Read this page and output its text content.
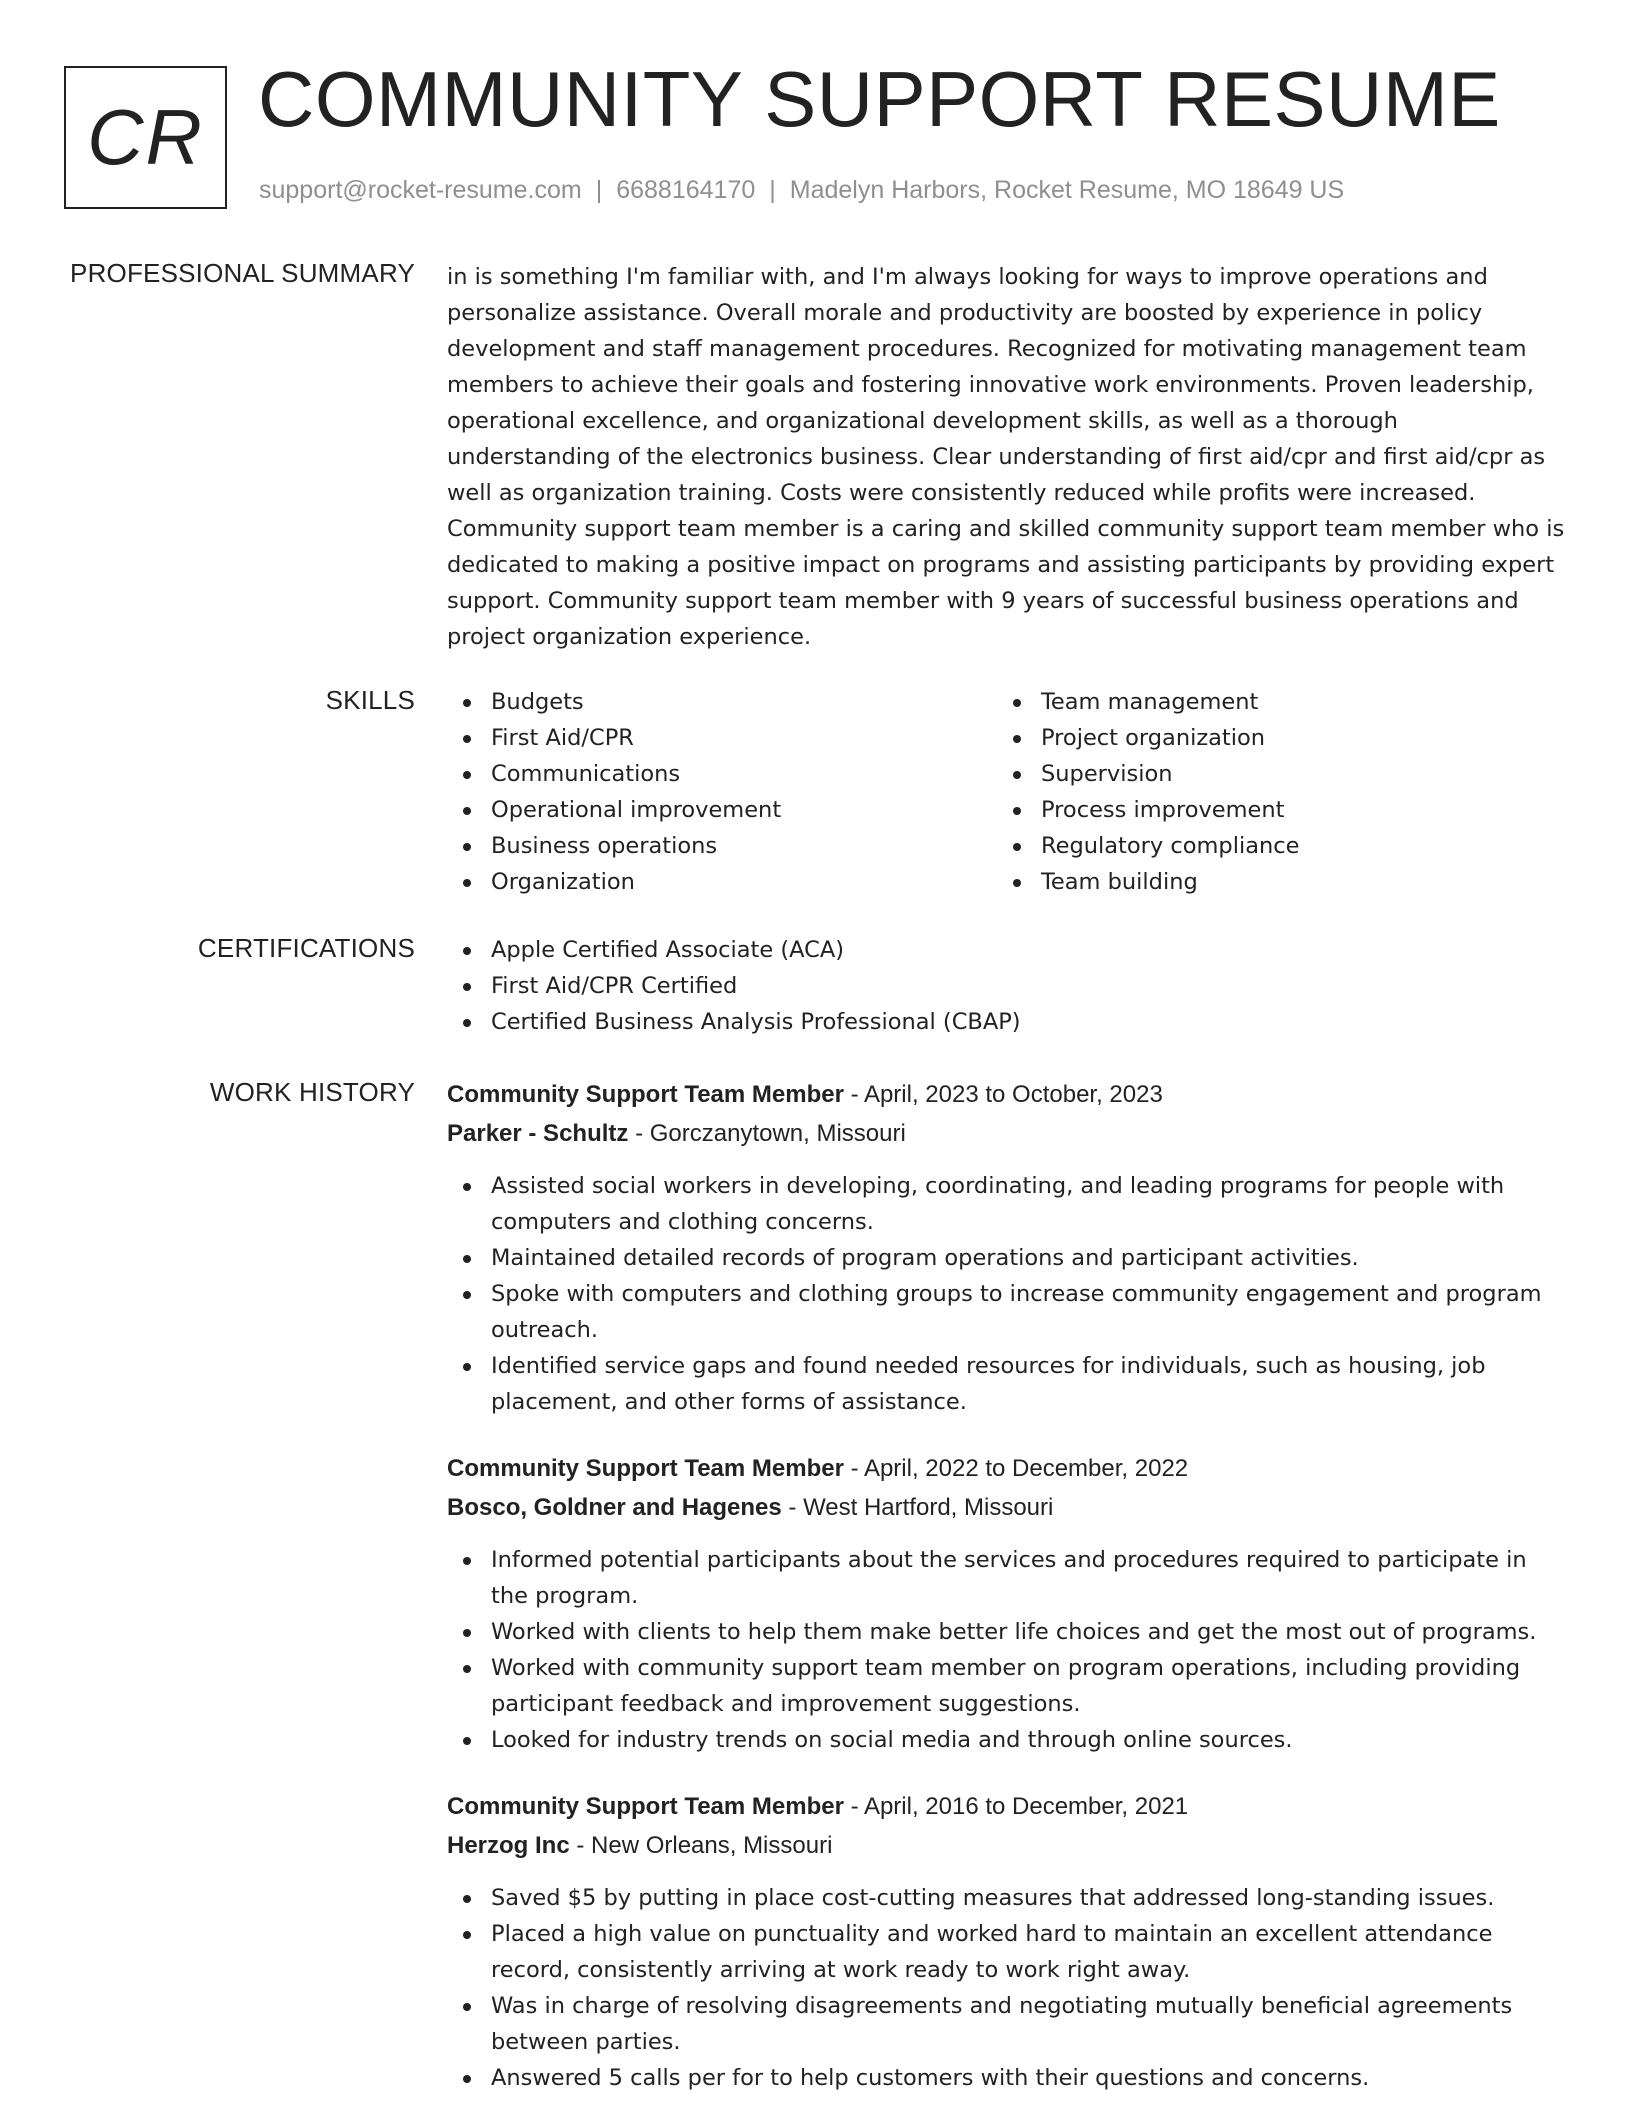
CR COMMUNITY SUPPORT RESUME
support@rocket-resume.com | 6688164170 | Madelyn Harbors, Rocket Resume, MO 18649 US
PROFESSIONAL SUMMARY in is something I'm familiar with, and I'm always looking for ways to improve operations and personalize assistance. Overall morale and productivity are boosted by experience in policy development and staff management procedures. Recognized for motivating management team members to achieve their goals and fostering innovative work environments. Proven leadership, operational excellence, and organizational development skills, as well as a thorough understanding of the electronics business. Clear understanding of first aid/cpr and first aid/cpr as well as organization training. Costs were consistently reduced while profits were increased. Community support team member is a caring and skilled community support team member who is dedicated to making a positive impact on programs and assisting participants by providing expert support. Community support team member with 9 years of successful business operations and project organization experience.

SKILLS	Budgets
First Aid/CPR
Communications
Operational improvement
Business operations
Organization
Team management
Project organization
Supervision
Process improvement
Regulatory compliance
Team building
CERTIFICATIONS	Apple Certified Associate (ACA)
First Aid/CPR Certified
Certified Business Analysis Professional (CBAP)
WORK HISTORY Community Support Team Member - April, 2023 to October, 2023
Parker - Schultz - Gorczanytown, Missouri
Assisted social workers in developing, coordinating, and leading programs for people with computers and clothing concerns.
Maintained detailed records of program operations and participant activities.
Spoke with computers and clothing groups to increase community engagement and program outreach.
Identified service gaps and found needed resources for individuals, such as housing, job placement, and other forms of assistance.
Community Support Team Member - April, 2022 to December, 2022
Bosco, Goldner and Hagenes - West Hartford, Missouri
Informed potential participants about the services and procedures required to participate in the program.
Worked with clients to help them make better life choices and get the most out of programs.
Worked with community support team member on program operations, including providing participant feedback and improvement suggestions.
Looked for industry trends on social media and through online sources.
Community Support Team Member - April, 2016 to December, 2021
Herzog Inc - New Orleans, Missouri
Saved $5 by putting in place cost-cutting measures that addressed long-standing issues.
Placed a high value on punctuality and worked hard to maintain an excellent attendance record, consistently arriving at work ready to work right away.
Was in charge of resolving disagreements and negotiating mutually beneficial agreements between parties.
Answered 5 calls per for to help customers with their questions and concerns.
